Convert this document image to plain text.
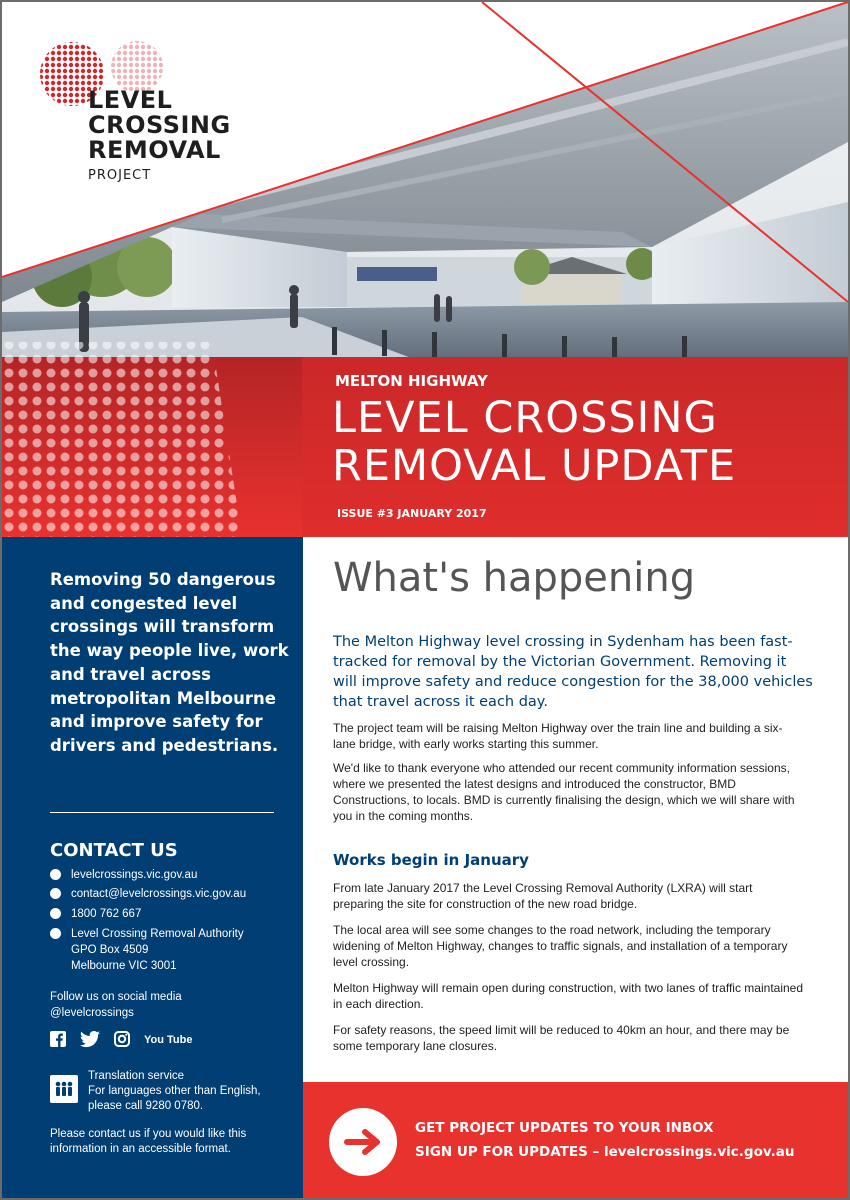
LEVEL
CROSSING
REMOVAL
PROJECT
MELTON HIGHWAY
LEVEL CROSSING
REMOVAL UPDATE
ISSUE #3 JANUARY 2017
Removing 50 dangerous and congested level crossings will transform the way people live, work and travel across metropolitan Melbourne and improve safety for drivers and pedestrians.
CONTACT US
levelcrossings.vic.gov.au
contact@levelcrossings.vic.gov.au
1800 762 667
Level Crossing Removal Authority
GPO Box 4509
Melbourne VIC 3001
Follow us on social media
@levelcrossings
You Tube
Translation service
For languages other than English, please call 9280 0780.
Please contact us if you would like this information in an accessible format.
What's happening
The Melton Highway level crossing in Sydenham has been fast-tracked for removal by the Victorian Government. Removing it will improve safety and reduce congestion for the 38,000 vehicles that travel across it each day.
The project team will be raising Melton Highway over the train line and building a six-lane bridge, with early works starting this summer.
We'd like to thank everyone who attended our recent community information sessions, where we presented the latest designs and introduced the constructor, BMD Constructions, to locals. BMD is currently finalising the design, which we will share with you in the coming months.
Works begin in January
From late January 2017 the Level Crossing Removal Authority (LXRA) will start preparing the site for construction of the new road bridge.
The local area will see some changes to the road network, including the temporary widening of Melton Highway, changes to traffic signals, and installation of a temporary level crossing.
Melton Highway will remain open during construction, with two lanes of traffic maintained in each direction.
For safety reasons, the speed limit will be reduced to 40km an hour, and there may be some temporary lane closures.
GET PROJECT UPDATES TO YOUR INBOX
SIGN UP FOR UPDATES – levelcrossings.vic.gov.au
